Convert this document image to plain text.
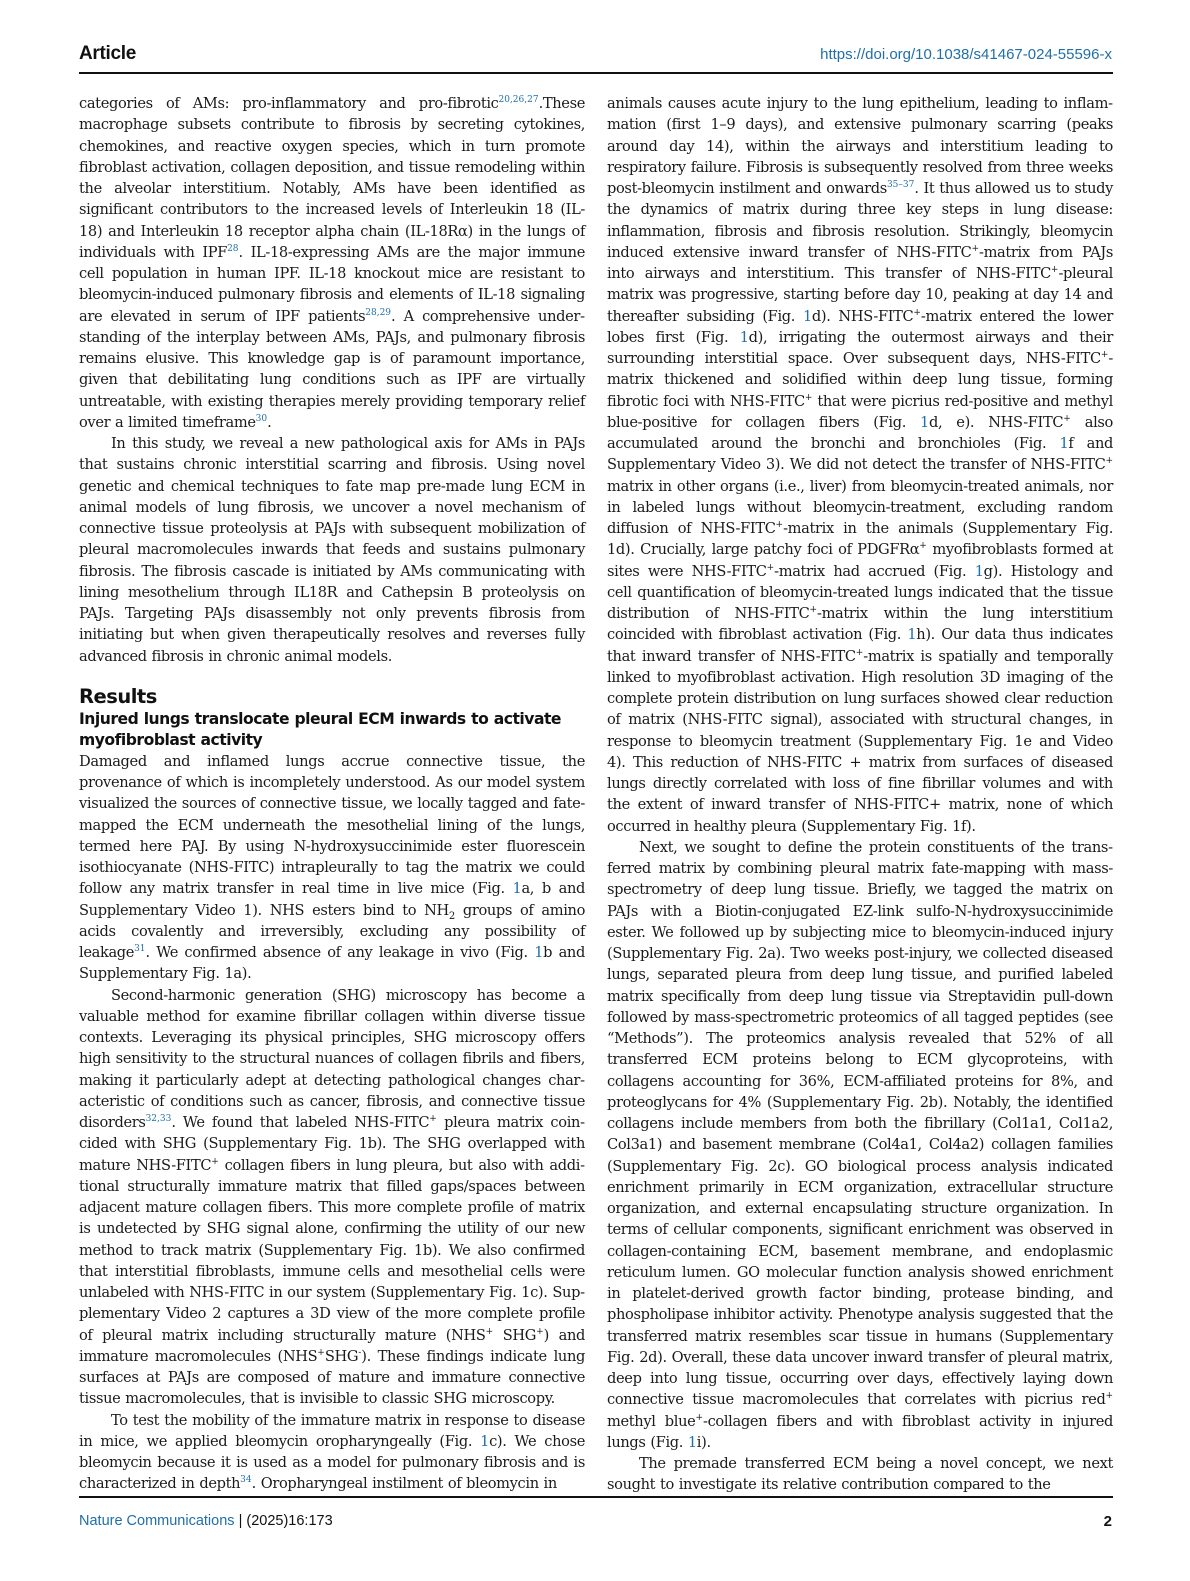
Article	https://doi.org/10.1038/s41467-024-55596-x

categories of AMs: pro-inflammatory and pro-fibrotic$^{20,26,27}$.These macrophage subsets contribute to fibrosis by secreting cytokines, chemokines, and reactive oxygen species, which in turn promote fibroblast activation, collagen deposition, and tissue remodeling within the alveolar interstitium. Notably, AMs have been identified as significant contributors to the increased levels of Interleukin 18 (IL-18) and Interleukin 18 receptor alpha chain (IL-18Rα) in the lungs of individuals with IPF$^{28}$. IL-18-expressing AMs are the major immune cell population in human IPF. IL-18 knockout mice are resistant to bleomycin-induced pulmonary fibrosis and elements of IL-18 signaling are elevated in serum of IPF patients$^{28,29}$. A comprehensive understanding of the interplay between AMs, PAJs, and pulmonary fibrosis remains elusive. This knowledge gap is of paramount importance, given that debilitating lung conditions such as IPF are virtually untreatable, with existing therapies merely providing temporary relief over a limited timeframe$^{30}$.

In this study, we reveal a new pathological axis for AMs in PAJs that sustains chronic interstitial scarring and fibrosis. Using novel genetic and chemical techniques to fate map pre-made lung ECM in animal models of lung fibrosis, we uncover a novel mechanism of connective tissue proteolysis at PAJs with subsequent mobilization of pleural macromolecules inwards that feeds and sustains pulmonary fibrosis. The fibrosis cascade is initiated by AMs communicating with lining mesothelium through IL18R and Cathepsin B proteolysis on PAJs. Targeting PAJs disassembly not only prevents fibrosis from initiating but when given therapeutically resolves and reverses fully advanced fibrosis in chronic animal models.

Results
Injured lungs translocate pleural ECM inwards to activate myofibroblast activity

Damaged and inflamed lungs accrue connective tissue, the provenance of which is incompletely understood. As our model system visualized the sources of connective tissue, we locally tagged and fate-mapped the ECM underneath the mesothelial lining of the lungs, termed here PAJ. By using N-hydroxysuccinimide ester fluorescein isothiocyanate (NHS-FITC) intrapleurally to tag the matrix we could follow any matrix transfer in real time in live mice (Fig. 1a, b and Supplementary Video 1). NHS esters bind to $NH_2$ groups of amino acids covalently and irreversibly, excluding any possibility of leakage$^{31}$. We confirmed absence of any leakage in vivo (Fig. 1b and Supplementary Fig. 1a).

Second-harmonic generation (SHG) microscopy has become a valuable method for examine fibrillar collagen within diverse tissue contexts. Leveraging its physical principles, SHG microscopy offers high sensitivity to the structural nuances of collagen fibrils and fibers, making it particularly adept at detecting pathological changes characteristic of conditions such as cancer, fibrosis, and connective tissue disorders$^{32,33}$. We found that labeled NHS-FITC+ pleura matrix coincided with SHG (Supplementary Fig. 1b). The SHG overlapped with mature NHS-FITC+ collagen fibers in lung pleura, but also with additional structurally immature matrix that filled gaps/spaces between adjacent mature collagen fibers. This more complete profile of matrix is undetected by SHG signal alone, confirming the utility of our new method to track matrix (Supplementary Fig. 1b). We also confirmed that interstitial fibroblasts, immune cells and mesothelial cells were unlabeled with NHS-FITC in our system (Supplementary Fig. 1c). Supplementary Video 2 captures a 3D view of the more complete profile of pleural matrix including structurally mature (NHS+ SHG+) and immature macromolecules (NHS+SHG-). These findings indicate lung surfaces at PAJs are composed of mature and immature connective tissue macromolecules, that is invisible to classic SHG microscopy.

To test the mobility of the immature matrix in response to disease in mice, we applied bleomycin oropharyngeally (Fig. 1c). We chose bleomycin because it is used as a model for pulmonary fibrosis and is characterized in depth$^{34}$. Oropharyngeal instilment of bleomycin in

animals causes acute injury to the lung epithelium, leading to inflammation (first 1–9 days), and extensive pulmonary scarring (peaks around day 14), within the airways and interstitium leading to respiratory failure. Fibrosis is subsequently resolved from three weeks post-bleomycin instilment and onwards$^{35-37}$. It thus allowed us to study the dynamics of matrix during three key steps in lung disease: inflammation, fibrosis and fibrosis resolution. Strikingly, bleomycin induced extensive inward transfer of NHS-FITC+-matrix from PAJs into airways and interstitium. This transfer of NHS-FITC+-pleural matrix was progressive, starting before day 10, peaking at day 14 and thereafter subsiding (Fig. 1d). NHS-FITC+-matrix entered the lower lobes first (Fig. 1d), irrigating the outermost airways and their surrounding interstitial space. Over subsequent days, NHS-FITC+-matrix thickened and solidified within deep lung tissue, forming fibrotic foci with NHS-FITC+ that were picrius red-positive and methyl blue-positive for collagen fibers (Fig. 1d, e). NHS-FITC+ also accumulated around the bronchi and bronchioles (Fig. 1f and Supplementary Video 3). We did not detect the transfer of NHS-FITC+ matrix in other organs (i.e., liver) from bleomycin-treated animals, nor in labeled lungs without bleomycin-treatment, excluding random diffusion of NHS-FITC+-matrix in the animals (Supplementary Fig. 1d). Crucially, large patchy foci of PDGFRα+ myofibroblasts formed at sites were NHS-FITC+-matrix had accrued (Fig. 1g). Histology and cell quantification of bleomycin-treated lungs indicated that the tissue distribution of NHS-FITC+-matrix within the lung interstitium coincided with fibroblast activation (Fig. 1h). Our data thus indicates that inward transfer of NHS-FITC+-matrix is spatially and temporally linked to myofibroblast activation. High resolution 3D imaging of the complete protein distribution on lung surfaces showed clear reduction of matrix (NHS-FITC signal), associated with structural changes, in response to bleomycin treatment (Supplementary Fig. 1e and Video 4). This reduction of NHS-FITC + matrix from surfaces of diseased lungs directly correlated with loss of fine fibrillar volumes and with the extent of inward transfer of NHS-FITC+ matrix, none of which occurred in healthy pleura (Supplementary Fig. 1f).

Next, we sought to define the protein constituents of the transferred matrix by combining pleural matrix fate-mapping with mass-spectrometry of deep lung tissue. Briefly, we tagged the matrix on PAJs with a Biotin-conjugated EZ-link sulfo-N-hydroxysuccinimide ester. We followed up by subjecting mice to bleomycin-induced injury (Supplementary Fig. 2a). Two weeks post-injury, we collected diseased lungs, separated pleura from deep lung tissue, and purified labeled matrix specifically from deep lung tissue via Streptavidin pull-down followed by mass-spectrometric proteomics of all tagged peptides (see “Methods”). The proteomics analysis revealed that 52% of all transferred ECM proteins belong to ECM glycoproteins, with collagens accounting for 36%, ECM-affiliated proteins for 8%, and proteoglycans for 4% (Supplementary Fig. 2b). Notably, the identified collagens include members from both the fibrillary (Col1a1, Col1a2, Col3a1) and basement membrane (Col4a1, Col4a2) collagen families (Supplementary Fig. 2c). GO biological process analysis indicated enrichment primarily in ECM organization, extracellular structure organization, and external encapsulating structure organization. In terms of cellular components, significant enrichment was observed in collagen-containing ECM, basement membrane, and endoplasmic reticulum lumen. GO molecular function analysis showed enrichment in platelet-derived growth factor binding, protease binding, and phospholipase inhibitor activity. Phenotype analysis suggested that the transferred matrix resembles scar tissue in humans (Supplementary Fig. 2d). Overall, these data uncover inward transfer of pleural matrix, deep into lung tissue, occurring over days, effectively laying down connective tissue macromolecules that correlates with picrius red+ methyl blue+-collagen fibers and with fibroblast activity in injured lungs (Fig. 1i).

The premade transferred ECM being a novel concept, we next sought to investigate its relative contribution compared to the

Nature Communications | (2025)16:173	2
